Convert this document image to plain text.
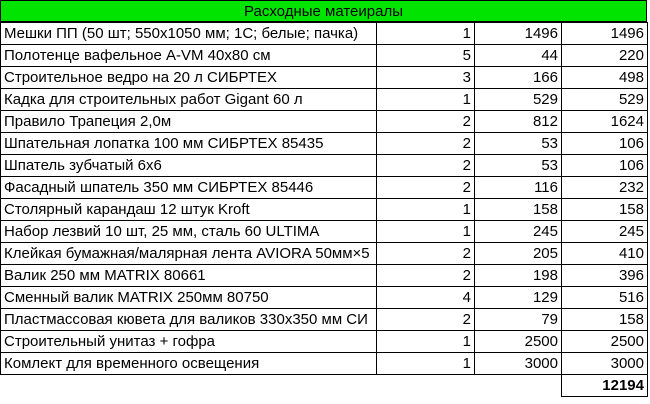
Расходные матеиралы
Мешки ПП (50 шт; 550х1050 мм; 1С; белые; пачка)	1	1496	1496
Полотенце вафельное A-VM 40x80 см	5	44	220
Строительное ведро на 20 л СИБРТЕХ	3	166	498
Кадка для строительных работ Gigant 60 л	1	529	529
Правило Трапеция 2,0м	2	812	1624
Шпательная лопатка 100 мм СИБРТЕХ 85435	2	53	106
Шпатель зубчатый 6х6	2	53	106
Фасадный шпатель 350 мм СИБРТЕХ 85446	2	116	232
Столярный карандаш 12 штук Kroft	1	158	158
Набор лезвий 10 шт, 25 мм, сталь 60 ULTIMA	1	245	245
Клейкая бумажная/малярная лента AVIORA 50мм×5	2	205	410
Валик 250 мм MATRIX 80661	2	198	396
Сменный валик MATRIX 250мм 80750	4	129	516
Пластмассовая кювета для валиков 330х350 мм СИ	2	79	158
Строительный унитаз + гофра	1	2500	2500
Комлект для временного освещения	1	3000	3000
			12194
